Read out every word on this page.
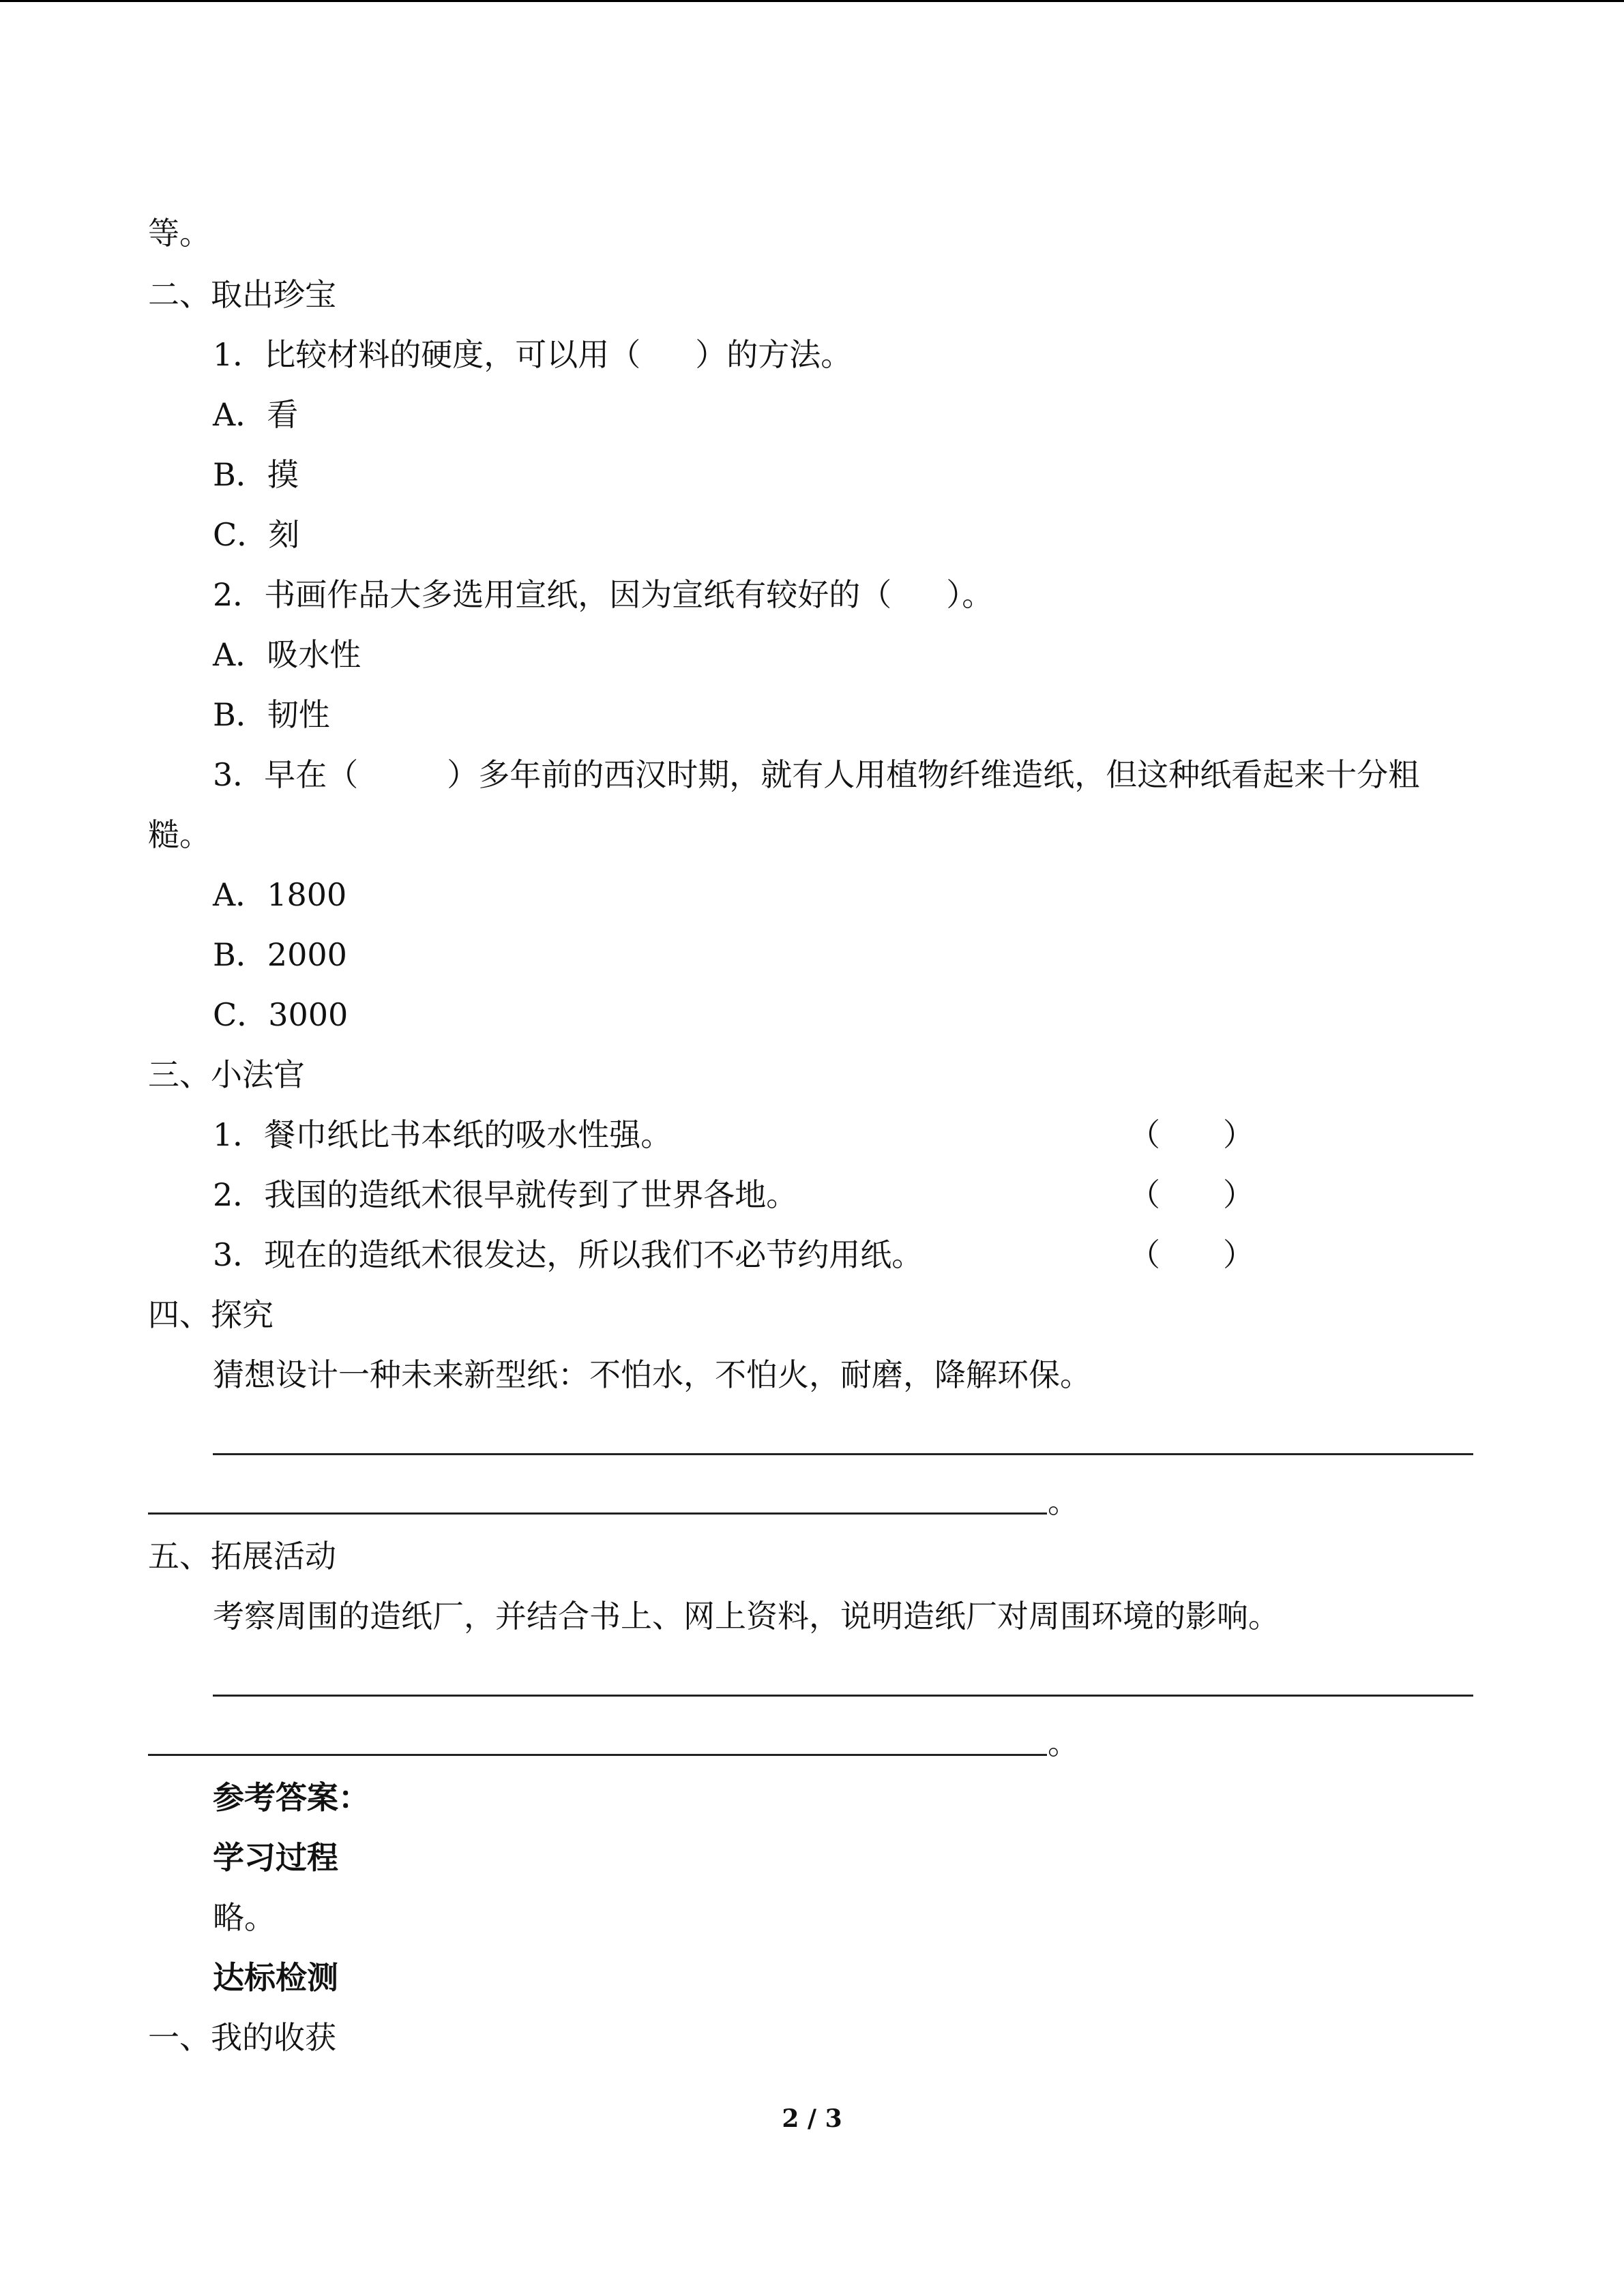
等。
二、取出珍宝
1．比较材料的硬度，可以用（ ）的方法。
A．看
B．摸
C．刻
2．书画作品大多选用宣纸，因为宣纸有较好的（ ）。
A．吸水性
B．韧性
3．早在（	）多年前的西汉时期，就有人用植物纤维造纸，但这种纸看起来十分粗
糙。
A．1800
B．2000
C．3000
三、小法官
1．餐巾纸比书本纸的吸水性强。	（　　）
2．我国的造纸术很早就传到了世界各地。	（　　）
3．现在的造纸术很发达，所以我们不必节约用纸。	（　　）
四、探究
猜想设计一种未来新型纸：不怕水，不怕火，耐磨，降解环保。
。
五、拓展活动
考察周围的造纸厂，并结合书上、网上资料，说明造纸厂对周围环境的影响。
。
参考答案：
学习过程
略。
达标检测
一、我的收获
2 / 3
